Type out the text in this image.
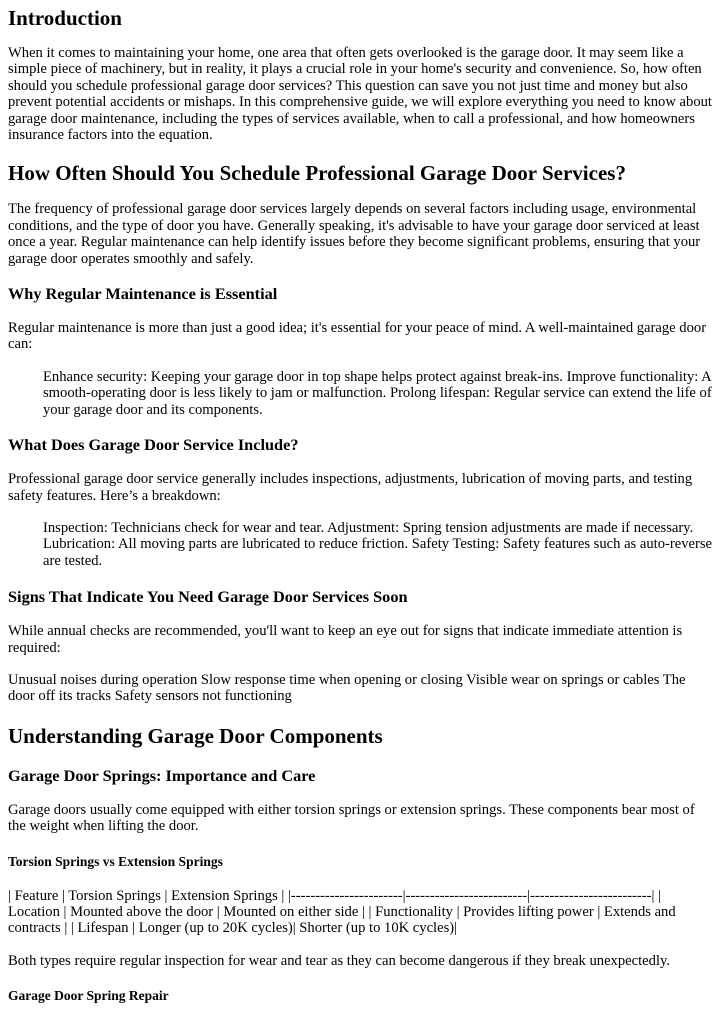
Introduction

When it comes to maintaining your home, one area that often gets overlooked is the garage door. It may seem like a simple piece of machinery, but in reality, it plays a crucial role in your home's security and convenience. So, how often should you schedule professional garage door services? This question can save you not just time and money but also prevent potential accidents or mishaps. In this comprehensive guide, we will explore everything you need to know about garage door maintenance, including the types of services available, when to call a professional, and how homeowners insurance factors into the equation.

How Often Should You Schedule Professional Garage Door Services?

The frequency of professional garage door services largely depends on several factors including usage, environmental conditions, and the type of door you have. Generally speaking, it's advisable to have your garage door serviced at least once a year. Regular maintenance can help identify issues before they become significant problems, ensuring that your garage door operates smoothly and safely.

Why Regular Maintenance is Essential

Regular maintenance is more than just a good idea; it's essential for your peace of mind. A well-maintained garage door can:

Enhance security: Keeping your garage door in top shape helps protect against break-ins. Improve functionality: A smooth-operating door is less likely to jam or malfunction. Prolong lifespan: Regular service can extend the life of your garage door and its components.
What Does Garage Door Service Include?

Professional garage door service generally includes inspections, adjustments, lubrication of moving parts, and testing safety features. Here’s a breakdown:

Inspection: Technicians check for wear and tear. Adjustment: Spring tension adjustments are made if necessary. Lubrication: All moving parts are lubricated to reduce friction. Safety Testing: Safety features such as auto-reverse are tested.
Signs That Indicate You Need Garage Door Services Soon

While annual checks are recommended, you'll want to keep an eye out for signs that indicate immediate attention is required:

Unusual noises during operation Slow response time when opening or closing Visible wear on springs or cables The door off its tracks Safety sensors not functioning

Understanding Garage Door Components
Garage Door Springs: Importance and Care

Garage doors usually come equipped with either torsion springs or extension springs. These components bear most of the weight when lifting the door.

Torsion Springs vs Extension Springs

| Feature | Torsion Springs | Extension Springs | |-----------------------|-------------------------|-------------------------| | Location | Mounted above the door | Mounted on either side | | Functionality | Provides lifting power | Extends and contracts | | Lifespan | Longer (up to 20K cycles)| Shorter (up to 10K cycles)|

Both types require regular inspection for wear and tear as they can become dangerous if they break unexpectedly.

Garage Door Spring Repair
